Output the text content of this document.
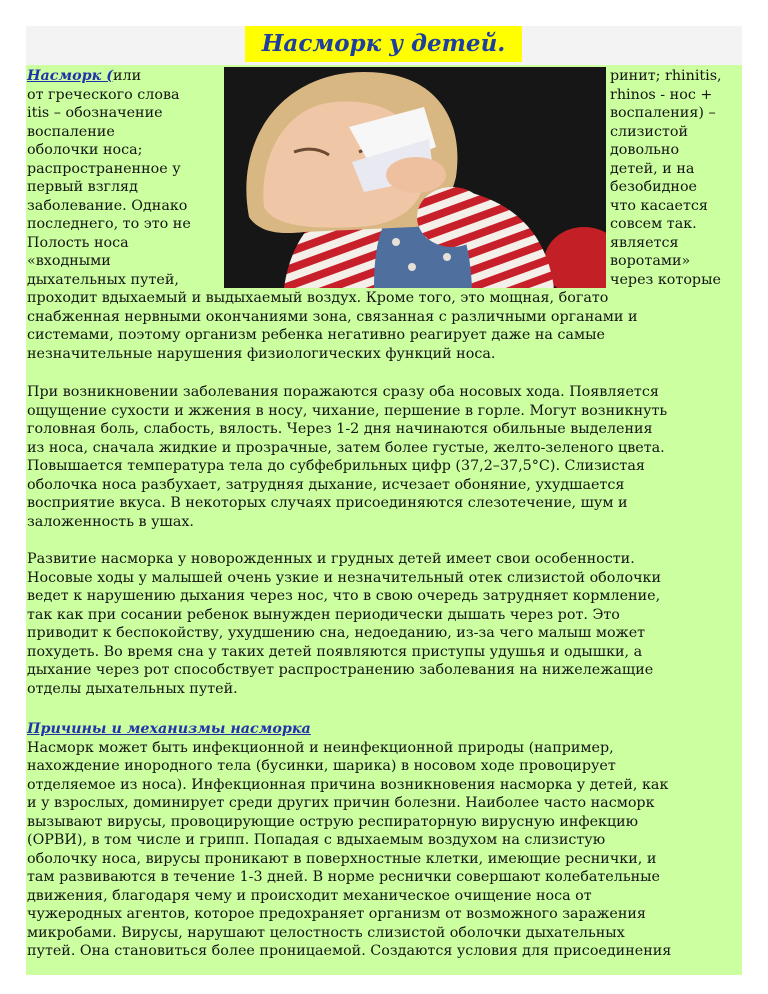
Насморк у детей.
Насморк (или
от греческого слова
itis – обозначение
воспаление
оболочки носа;
распространенное у
первый взгляд
заболевание. Однако
последнего, то это не
Полость носа
«входными
дыхательных путей,
ринит; rhinitis,
rhinos - нос +
воспаления) –
слизистой
довольно
детей, и на
безобидное
что касается
совсем так.
является
воротами»
через которые
проходит вдыхаемый и выдыхаемый воздух. Кроме того, это мощная, богато
снабженная нервными окончаниями зона, связанная с различными органами и
системами, поэтому организм ребенка негативно реагирует даже на самые
незначительные нарушения физиологических функций носа.
При возникновении заболевания поражаются сразу оба носовых хода. Появляется
ощущение сухости и жжения в носу, чихание, першение в горле. Могут возникнуть
головная боль, слабость, вялость. Через 1-2 дня начинаются обильные выделения
из носа, сначала жидкие и прозрачные, затем более густые, желто-зеленого цвета.
Повышается температура тела до субфебрильных цифр (37,2–37,5°С). Слизистая
оболочка носа разбухает, затрудняя дыхание, исчезает обоняние, ухудшается
восприятие вкуса. В некоторых случаях присоединяются слезотечение, шум и
заложенность в ушах.
Развитие насморка у новорожденных и грудных детей имеет свои особенности.
Носовые ходы у малышей очень узкие и незначительный отек слизистой оболочки
ведет к нарушению дыхания через нос, что в свою очередь затрудняет кормление,
так как при сосании ребенок вынужден периодически дышать через рот. Это
приводит к беспокойству, ухудшению сна, недоеданию, из-за чего малыш может
похудеть. Во время сна у таких детей появляются приступы удушья и одышки, а
дыхание через рот способствует распространению заболевания на нижележащие
отделы дыхательных путей.
Причины и механизмы насморка
Насморк может быть инфекционной и неинфекционной природы (например,
нахождение инородного тела (бусинки, шарика) в носовом ходе провоцирует
отделяемое из носа). Инфекционная причина возникновения насморка у детей, как
и у взрослых, доминирует среди других причин болезни. Наиболее часто насморк
вызывают вирусы, провоцирующие острую респираторную вирусную инфекцию
(ОРВИ), в том числе и грипп. Попадая с вдыхаемым воздухом на слизистую
оболочку носа, вирусы проникают в поверхностные клетки, имеющие реснички, и
там развиваются в течение 1-3 дней. В норме реснички совершают колебательные
движения, благодаря чему и происходит механическое очищение носа от
чужеродных агентов, которое предохраняет организм от возможного заражения
микробами. Вирусы, нарушают целостность слизистой оболочки дыхательных
путей. Она становиться более проницаемой. Создаются условия для присоединения
